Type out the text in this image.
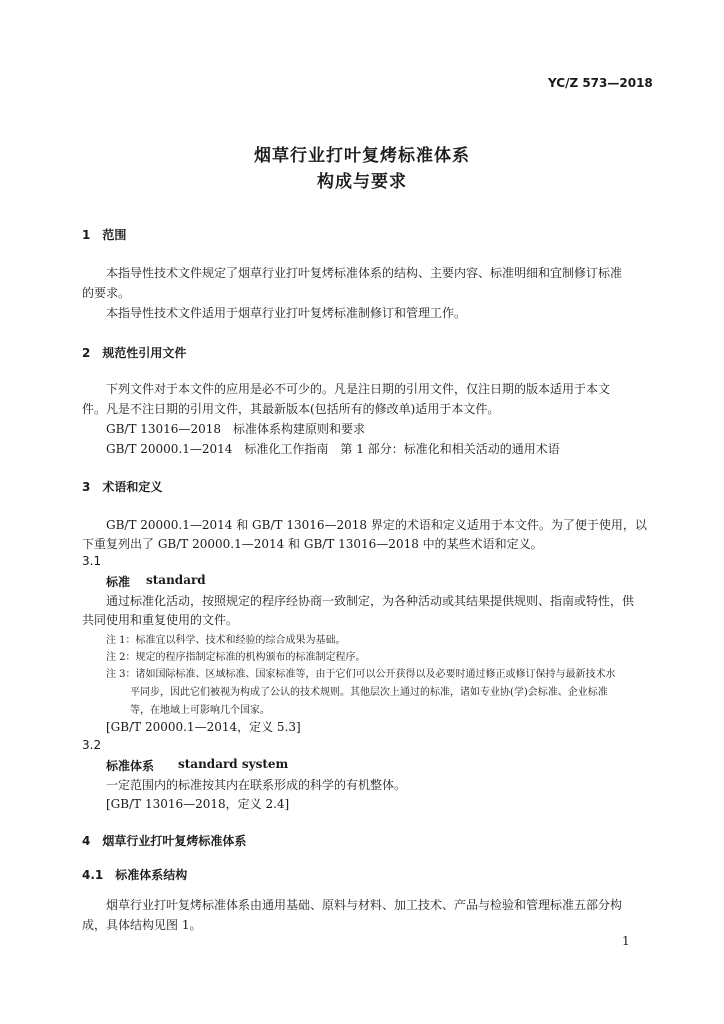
YC/Z 573—2018
烟草行业打叶复烤标准体系
构成与要求
1　范围
本指导性技术文件规定了烟草行业打叶复烤标准体系的结构、主要内容、标准明细和宜制修订标准
的要求。
本指导性技术文件适用于烟草行业打叶复烤标准制修订和管理工作。
2　规范性引用文件
下列文件对于本文件的应用是必不可少的。凡是注日期的引用文件，仅注日期的版本适用于本文
件。凡是不注日期的引用文件，其最新版本(包括所有的修改单)适用于本文件。
GB/T 13016—2018　标准体系构建原则和要求
GB/T 20000.1—2014　标准化工作指南　第 1 部分：标准化和相关活动的通用术语
3　术语和定义
GB/T 20000.1—2014 和 GB/T 13016—2018 界定的术语和定义适用于本文件。为了便于使用，以
下重复列出了 GB/T 20000.1—2014 和 GB/T 13016—2018 中的某些术语和定义。
3.1
标准 standard
通过标准化活动，按照规定的程序经协商一致制定，为各种活动或其结果提供规则、指南或特性，供
共同使用和重复使用的文件。
注 1：标准宜以科学、技术和经验的综合成果为基础。
注 2：规定的程序指制定标准的机构颁布的标准制定程序。
注 3：诸如国际标准、区域标准、国家标准等，由于它们可以公开获得以及必要时通过修正或修订保持与最新技术水
平同步，因此它们被视为构成了公认的技术规则。其他层次上通过的标准，诸如专业协(学)会标准、企业标准
等，在地域上可影响几个国家。
[GB/T 20000.1—2014，定义 5.3]
3.2
标准体系 standard system
一定范围内的标准按其内在联系形成的科学的有机整体。
[GB/T 13016—2018，定义 2.4]
4　烟草行业打叶复烤标准体系
4.1　标准体系结构
烟草行业打叶复烤标准体系由通用基础、原料与材料、加工技术、产品与检验和管理标准五部分构
成，具体结构见图 1。
1
